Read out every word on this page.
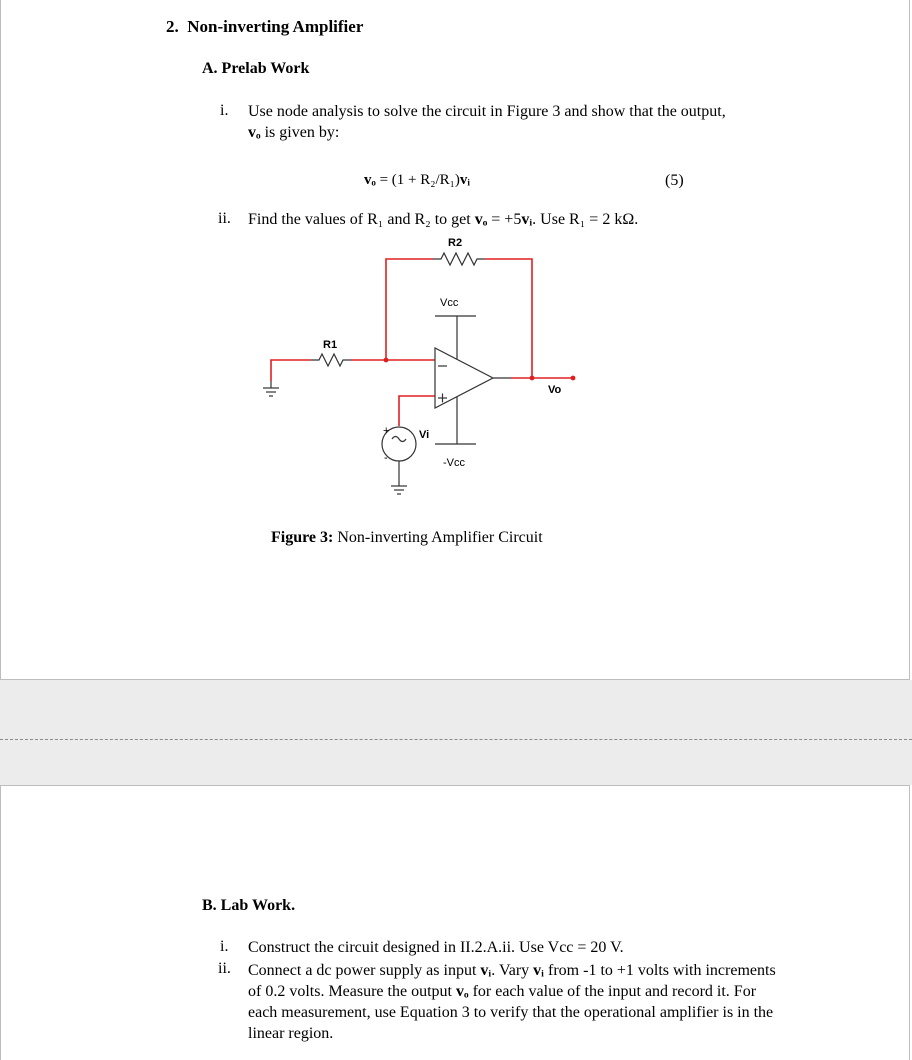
2. Non-inverting Amplifier
A. Prelab Work
i. Use node analysis to solve the circuit in Figure 3 and show that the output,
vₒ is given by:
vₒ = (1 + R₂/R₁)vᵢ	(5)
ii. Find the values of R₁ and R₂ to get vₒ = +5vᵢ. Use R₁ = 2 kΩ.
+
-
R2
R1
Vcc
-Vcc
Vo
Vi
Figure 3: Non-inverting Amplifier Circuit
B. Lab Work.
i. Construct the circuit designed in II.2.A.ii. Use Vcc = 20 V.
ii. Connect a dc power supply as input vᵢ. Vary vᵢ from -1 to +1 volts with increments of 0.2 volts. Measure the output vₒ for each value of the input and record it. For each measurement, use Equation 3 to verify that the operational amplifier is in the linear region.
